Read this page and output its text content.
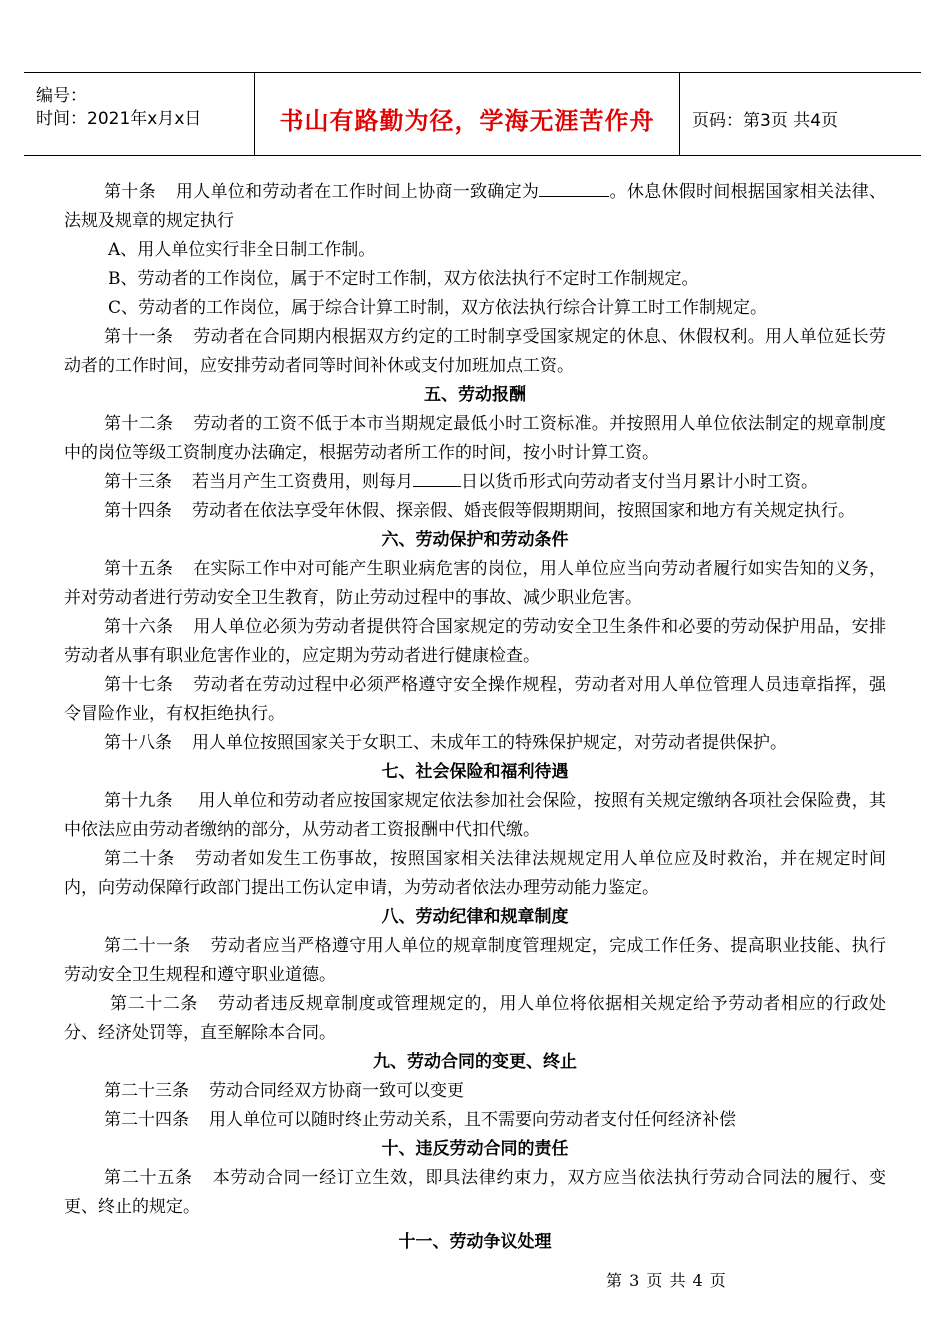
编号：
时间：2021年x月x日	书山有路勤为径，学海无涯苦作舟	页码：第3页 共4页

第十条 用人单位和劳动者在工作时间上协商一致确定为	。休息休假时间根据国家相关法律、法规及规章的规定执行

A、用人单位实行非全日制工作制。

B、劳动者的工作岗位，属于不定时工作制，双方依法执行不定时工作制规定。

C、劳动者的工作岗位，属于综合计算工时制，双方依法执行综合计算工时工作制规定。

第十一条 劳动者在合同期内根据双方约定的工时制享受国家规定的休息、休假权利。用人单位延长劳动者的工作时间，应安排劳动者同等时间补休或支付加班加点工资。

五、劳动报酬

第十二条 劳动者的工资不低于本市当期规定最低小时工资标准。并按照用人单位依法制定的规章制度中的岗位等级工资制度办法确定，根据劳动者所工作的时间，按小时计算工资。

第十三条 若当月产生工资费用，则每月	日以货币形式向劳动者支付当月累计小时工资。

第十四条 劳动者在依法享受年休假、探亲假、婚丧假等假期期间，按照国家和地方有关规定执行。

六、劳动保护和劳动条件

第十五条 在实际工作中对可能产生职业病危害的岗位，用人单位应当向劳动者履行如实告知的义务，并对劳动者进行劳动安全卫生教育，防止劳动过程中的事故、减少职业危害。

第十六条 用人单位必须为劳动者提供符合国家规定的劳动安全卫生条件和必要的劳动保护用品，安排劳动者从事有职业危害作业的，应定期为劳动者进行健康检查。

第十七条 劳动者在劳动过程中必须严格遵守安全操作规程，劳动者对用人单位管理人员违章指挥，强令冒险作业，有权拒绝执行。

第十八条 用人单位按照国家关于女职工、未成年工的特殊保护规定，对劳动者提供保护。

七、社会保险和福利待遇

第十九条 用人单位和劳动者应按国家规定依法参加社会保险，按照有关规定缴纳各项社会保险费，其中依法应由劳动者缴纳的部分，从劳动者工资报酬中代扣代缴。

第二十条 劳动者如发生工伤事故，按照国家相关法律法规规定用人单位应及时救治，并在规定时间内，向劳动保障行政部门提出工伤认定申请，为劳动者依法办理劳动能力鉴定。

八、劳动纪律和规章制度

第二十一条 劳动者应当严格遵守用人单位的规章制度管理规定，完成工作任务、提高职业技能、执行劳动安全卫生规程和遵守职业道德。

第二十二条 劳动者违反规章制度或管理规定的，用人单位将依据相关规定给予劳动者相应的行政处分、经济处罚等，直至解除本合同。

九、劳动合同的变更、终止

第二十三条 劳动合同经双方协商一致可以变更

第二十四条 用人单位可以随时终止劳动关系，且不需要向劳动者支付任何经济补偿

十、违反劳动合同的责任

第二十五条 本劳动合同一经订立生效，即具法律约束力，双方应当依法执行劳动合同法的履行、变更、终止的规定。

十一、劳动争议处理

第 3 页 共 4 页
